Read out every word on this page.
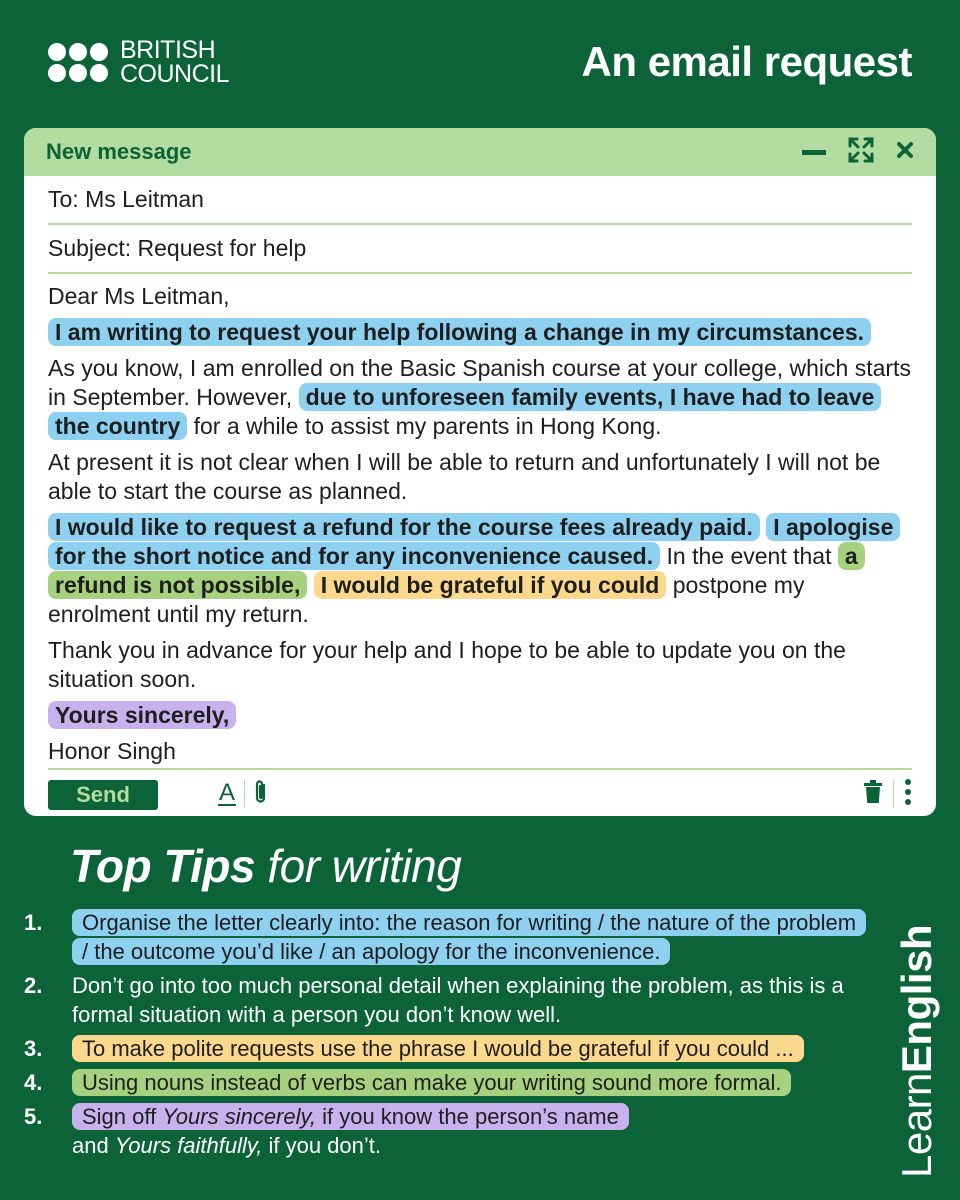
BRITISH
COUNCIL	An email request
New message
To: Ms Leitman
Subject: Request for help

Dear Ms Leitman,

I am writing to request your help following a change in my circumstances.

As you know, I am enrolled on the Basic Spanish course at your college, which starts in September. However, due to unforeseen family events, I have had to leave the country for a while to assist my parents in Hong Kong.

At present it is not clear when I will be able to return and unfortunately I will not be able to start the course as planned.

I would like to request a refund for the course fees already paid. I apologise for the short notice and for any inconvenience caused. In the event that a refund is not possible, I would be grateful if you could postpone my enrolment until my return.

Thank you in advance for your help and I hope to be able to update you on the situation soon.

Yours sincerely,

Honor Singh

Send	A
Top Tips for writing
1. Organise the letter clearly into: the reason for writing / the nature of the problem / the outcome you’d like / an apology for the inconvenience.
2. Don’t go into too much personal detail when explaining the problem, as this is a formal situation with a person you don’t know well.
3. To make polite requests use the phrase I would be grateful if you could ...
4. Using nouns instead of verbs can make your writing sound more formal.
5. Sign off Yours sincerely, if you know the person’s name
and Yours faithfully, if you don’t.	LearnEnglish
